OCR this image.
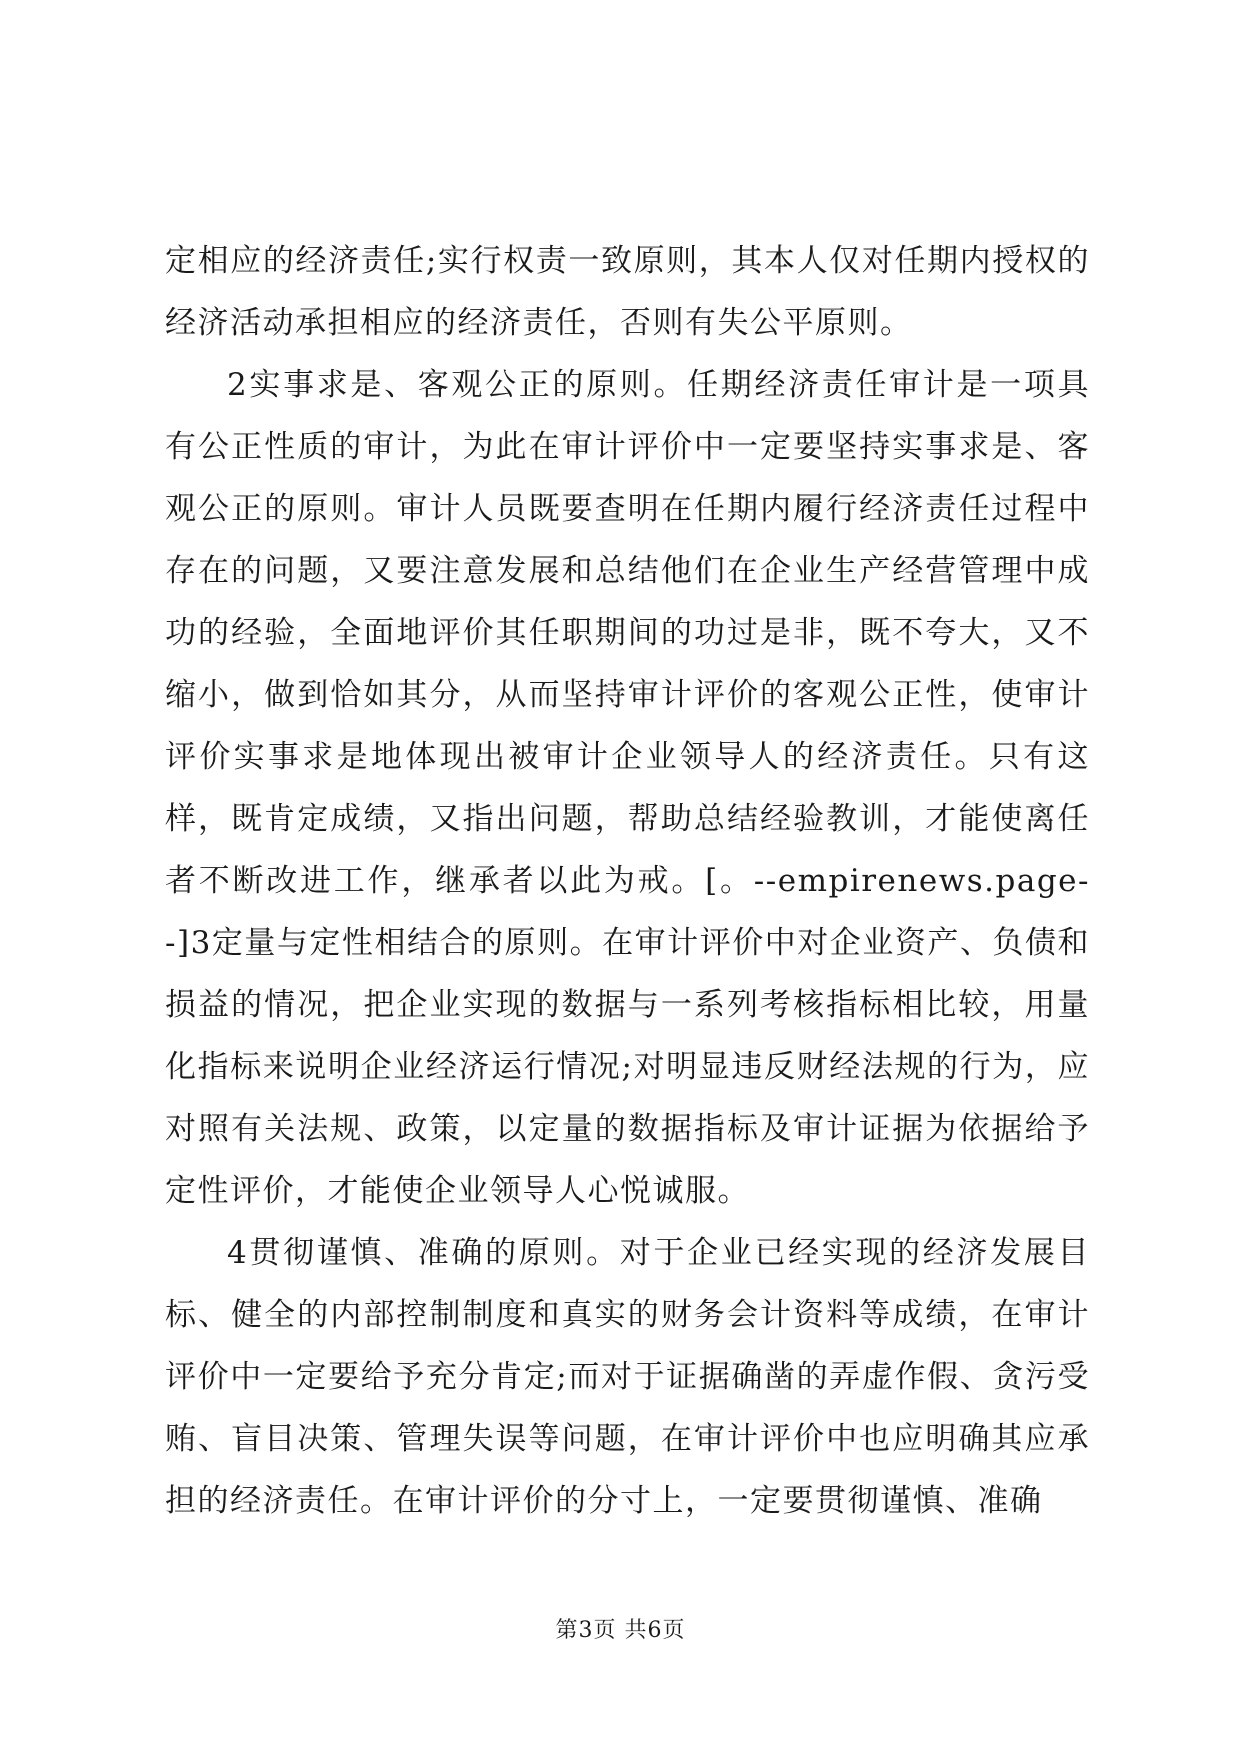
定相应的经济责任;实行权责一致原则，其本人仅对任期内授权的经济活动承担相应的经济责任，否则有失公平原则。

2实事求是、客观公正的原则。任期经济责任审计是一项具有公正性质的审计，为此在审计评价中一定要坚持实事求是、客观公正的原则。审计人员既要查明在任期内履行经济责任过程中存在的问题，又要注意发展和总结他们在企业生产经营管理中成功的经验，全面地评价其任职期间的功过是非，既不夸大，又不缩小，做到恰如其分，从而坚持审计评价的客观公正性，使审计评价实事求是地体现出被审计企业领导人的经济责任。只有这样，既肯定成绩，又指出问题，帮助总结经验教训，才能使离任者不断改进工作，继承者以此为戒。[。--empirenews.page--]3定量与定性相结合的原则。在审计评价中对企业资产、负债和损益的情况，把企业实现的数据与一系列考核指标相比较，用量化指标来说明企业经济运行情况;对明显违反财经法规的行为，应对照有关法规、政策，以定量的数据指标及审计证据为依据给予定性评价，才能使企业领导人心悦诚服。

4贯彻谨慎、准确的原则。对于企业已经实现的经济发展目标、健全的内部控制制度和真实的财务会计资料等成绩，在审计评价中一定要给予充分肯定;而对于证据确凿的弄虚作假、贪污受贿、盲目决策、管理失误等问题，在审计评价中也应明确其应承担的经济责任。在审计评价的分寸上，一定要贯彻谨慎、准确

第3页 共6页
